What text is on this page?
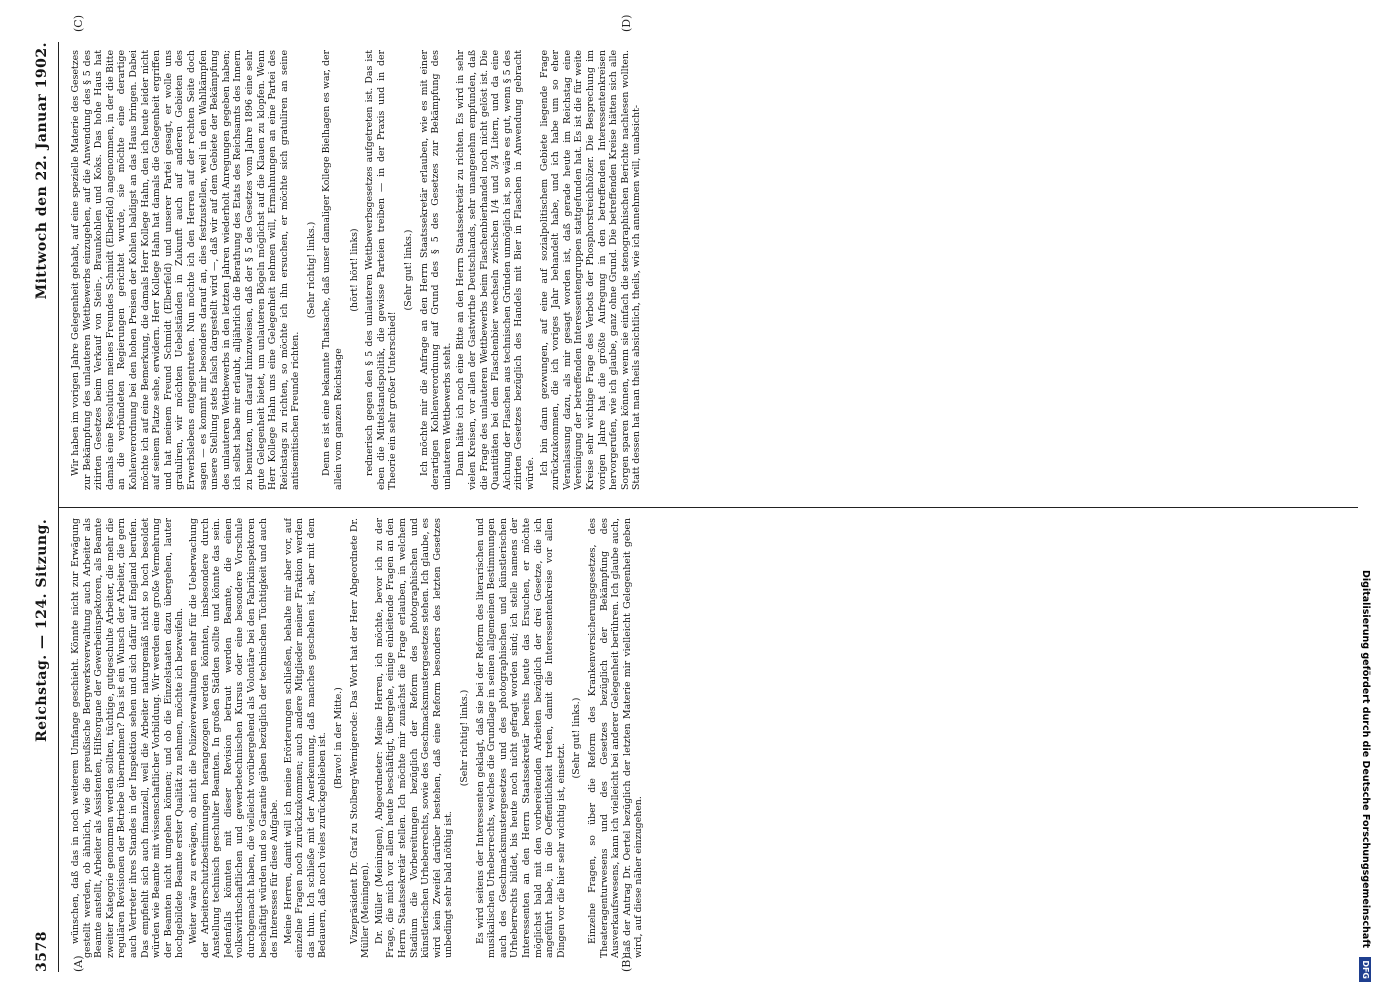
3578
Reichstag. — 124. Sitzung.
Mittwoch den 22. Januar 1902.
(A)	(B)
(C)	(D)

wünschen, daß das in noch weiterem Umfange geschieht. Könnte nicht zur Erwägung gestellt werden, ob ähnlich, wie die preußische Bergwerksverwaltung auch Arbeiter als Beamte anstellt, Arbeiter als Assistenten, Hilfsorgane der Gewerbeinspektoren, als Beamte zweiter Kategorie genommen werden sollten, tüchtige, gutgeschulte Arbeiter, die mehr die regulären Revisionen der Betriebe übernehmen? Das ist ein Wunsch der Arbeiter, die gern auch Vertreter ihres Standes in der Inspektion sehen und sich dafür auf England berufen. Das empfiehlt sich auch finanziell, weil die Arbeiter naturgemäß nicht so hoch besoldet würden wie Beamte mit wissenschaftlicher Vorbildung. Wir werden eine große Vermehrung der Beamten nicht umgehen können; und ob die Einzelstaaten dazu übergehen, lauter hochgebildete Beamte erster Qualität zu nehmen, möchte ich bezweifeln. Weiter wäre zu erwägen, ob nicht die Polizeiverwaltungen mehr für die Ueberwachung der Arbeiterschutzbestimmungen herangezogen werden könnten, insbesondere durch Anstellung technisch geschulter Beamten. In großen Städten sollte und könnte das sein. Jedenfalls könnten mit dieser Revision betraut werden Beamte, die einen volkswirthschaftlichen und gewerbetechnischen Kursus oder eine besondere Vorschule durchgemacht haben, die vielleicht vorübergehend als Volontäre bei den Fabrikinspektoren beschäftigt würden und so Garantie gäben bezüglich der technischen Tüchtigkeit und auch des Interesses für diese Aufgabe. Meine Herren, damit will ich meine Erörterungen schließen, behalte mir aber vor, auf einzelne Fragen noch zurückzukommen; auch andere Mitglieder meiner Fraktion werden das thun. Ich schließe mit der Anerkennung, daß manches geschehen ist, aber mit dem Bedauern, daß noch vieles zurückgeblieben ist. (Bravo! in der Mitte.) Vizepräsident Dr. Graf zu Stolberg-Wernigerode: Das Wort hat der Herr Abgeordnete Dr. Müller (Meiningen). Dr. Müller (Meiningen), Abgeordneter: Meine Herren, ich möchte, bevor ich zu der Frage, die mich vor allem heute beschäftigt, übergehe, einige einleitende Fragen an den Herrn Staatssekretär stellen. Ich möchte mir zunächst die Frage erlauben, in welchem Stadium die Vorbereitungen bezüglich der Reform des photographischen und künstlerischen Urheberrechts, sowie des Geschmacksmustergesetzes stehen. Ich glaube, es wird kein Zweifel darüber bestehen, daß eine Reform besonders des letzten Gesetzes unbedingt sehr bald nöthig ist.

(Sehr richtig! links.) Es wird seitens der Interessenten geklagt, daß sie bei der Reform des literarischen und musikalischen Urheberrechts, welches die Grundlage in seinen allgemeinen Bestimmungen auch des Geschmacksmustergesetzes und des photographischen und künstlerischen Urheberrechts bildet, bis heute noch nicht gefragt worden sind; ich stelle namens der Interessenten an den Herrn Staatssekretär bereits heute das Ersuchen, er möchte möglichst bald mit den vorbereitenden Arbeiten bezüglich der drei Gesetze, die ich angeführt habe, in die Oeffentlichkeit treten, damit die Interessentenkreise vor allen Dingen vor die hier sehr wichtig ist, einsetzt.

(Sehr gut! links.) Einzelne Fragen, so über die Reform des Krankenversicherungsgesetzes, des Theateragenturwesens und des Gesetzes bezüglich der Bekämpfung des Ausverkaufswesens, kann ich vielleicht bei anderer Gelegenheit berühren. Ich glaube auch, daß der Antrag Dr. Oertel bezüglich der letzten Materie mir vielleicht Gelegenheit geben wird, auf diese näher einzugehen.

Wir haben im vorigen Jahre Gelegenheit gehabt, auf eine spezielle Materie des Gesetzes zur Bekämpfung des unlauteren Wettbewerbs einzugehen, auf die Anwendung des § 5 des zitirten Gesetzes beim Verkauf von Stein-, Braunkohlen und Koks. Das hohe Haus hat damals eine Resolution meines Freundes Schmidt (Elberfeld) angenommen, in der die Bitte an die verbündeten Regierungen gerichtet wurde, sie möchte eine derartige Kohlenverordnung bei den hohen Preisen der Kohlen baldigst an das Haus bringen. Dabei möchte ich auf eine Bemerkung, die damals Herr Kollege Hahn, den ich heute leider nicht auf seinem Platze sehe, erwidern. Herr Kollege Hahn hat damals die Gelegenheit ergriffen und hat meinem Freund Schmidt (Elberfeld) und unserer Partei gesagt, er wolle uns gratuliren, wir möchten Uebelständen in Zukunft auch auf anderen Gebieten des Erwerbslebens entgegentreten. Nun möchte ich den Herren auf der rechten Seite doch sagen — es kommt mir besonders darauf an, dies festzustellen, weil in den Wahlkämpfen unsere Stellung stets falsch dargestellt wird —, daß wir auf dem Gebiete der Bekämpfung des unlauteren Wettbewerbs in den letzten Jahren wiederholt Anregungen gegeben haben; ich selbst habe mir erlaubt, alljährlich die Berathung des Etats des Reichsamts des Innern zu benutzen, um darauf hinzuweisen, daß der § 5 des Gesetzes vom Jahre 1896 eine sehr gute Gelegenheit bietet, um unlauteren Bögeln möglichst auf die Klauen zu klopfen. Wenn Herr Kollege Hahn uns eine Gelegenheit nehmen will, Ermahnungen an eine Partei des Reichstags zu richten, so möchte ich ihn ersuchen, er möchte sich gratuliren an seine antisemitischen Freunde richten.

(Sehr richtig! links.) Denn es ist eine bekannte Thatsache, daß unser damaliger Kollege Bielhagen es war, der allein vom ganzen Reichstage

(hört! hört! links) rednerisch gegen den § 5 des unlauteren Wettbewerbsgesetzes aufgetreten ist. Das ist eben die Mittelstandspolitik, die gewisse Parteien treiben — in der Praxis und in der Theorie ein sehr großer Unterschied!

(Sehr gut! links.) Ich möchte mir die Anfrage an den Herrn Staatssekretär erlauben, wie es mit einer derartigen Kohlenverordnung auf Grund des § 5 des Gesetzes zur Bekämpfung des unlauteren Wettbewerbs steht. Dann hätte ich noch eine Bitte an den Herrn Staatssekretär zu richten. Es wird in sehr vielen Kreisen, vor allen der Gastwirthe Deutschlands, sehr unangenehm empfunden, daß die Frage des unlauteren Wettbewerbs beim Flaschenbierhandel noch nicht gelöst ist. Die Quantitäten bei dem Flaschenbier wechseln zwischen 1/4 und 3/4 Litern, und da eine Aichung der Flaschen aus technischen Gründen unmöglich ist, so wäre es gut, wenn § 5 des zitirten Gesetzes bezüglich des Handels mit Bier in Flaschen in Anwendung gebracht würde. Ich bin dann gezwungen, auf eine auf sozialpolitischem Gebiete liegende Frage zurückzukommen, die ich voriges Jahr behandelt habe, und ich habe um so eher Veranlassung dazu, als mir gesagt worden ist, daß gerade heute im Reichstag eine Vereinigung der betreffenden Interessentengruppen stattgefunden hat. Es ist die für weite Kreise sehr wichtige Frage des Verbots der Phosphorstreichhölzer. Die Besprechung im vorigen Jahre hat die größte Aufregung in den betreffenden Interessentenkreisen hervorgerufen, wie ich glaube, ganz ohne Grund. Die betreffenden Kreise hätten sich alle Sorgen sparen können, wenn sie einfach die stenographischen Berichte nachlesen wollten. Statt dessen hat man theils absichtlich, theils, wie ich annehmen will, unabsicht-

Digitalisierung gefördert durch die Deutsche Forschungsgemeinschaft DFG
